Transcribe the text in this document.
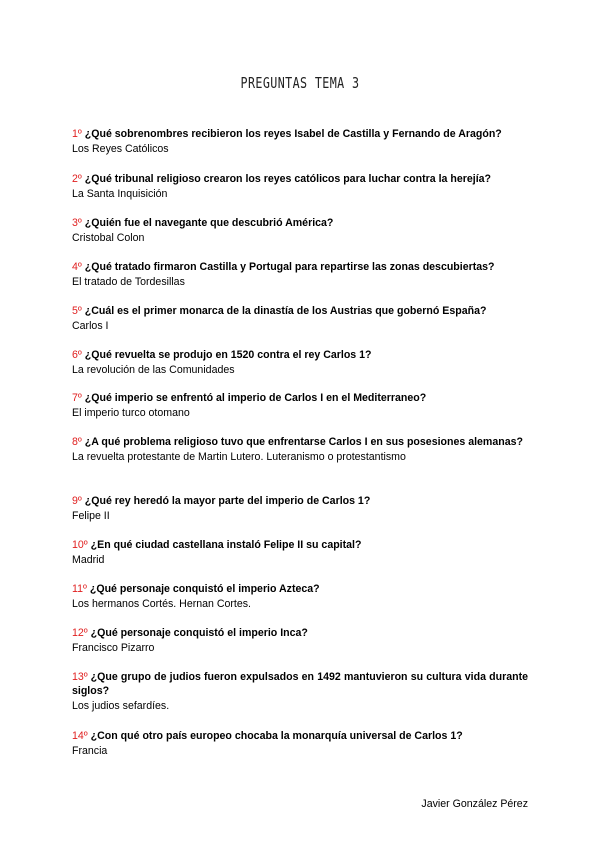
PREGUNTAS TEMA 3
1º ¿Qué sobrenombres recibieron los reyes Isabel de Castilla y Fernando de Aragón?
Los Reyes Católicos
2º ¿Qué tribunal religioso crearon los reyes católicos para luchar contra la herejía?
La Santa Inquisición
3º ¿Quién fue el navegante que descubrió América?
Cristobal Colon
4º ¿Qué tratado firmaron Castilla y Portugal para repartirse las zonas descubiertas?
El tratado de Tordesillas
5º ¿Cuál es el primer monarca de la dinastía de los Austrias que gobernó España?
Carlos I
6º ¿Qué revuelta se produjo en 1520 contra el rey Carlos 1?
La revolución de las Comunidades
7º ¿Qué imperio se enfrentó al imperio de Carlos I en el Mediterraneo?
El imperio turco otomano
8º ¿A qué problema religioso tuvo que enfrentarse Carlos I en sus posesiones alemanas?
La revuelta protestante de Martin Lutero. Luteranismo o protestantismo
9º ¿Qué rey heredó la mayor parte del imperio de Carlos 1?
Felipe II
10º ¿En qué ciudad castellana instaló Felipe II su capital?
Madrid
11º ¿Qué personaje conquistó el imperio Azteca?
Los hermanos Cortés. Hernan Cortes.
12º ¿Qué personaje conquistó el imperio Inca?
Francisco Pizarro
13º ¿Que grupo de judios fueron expulsados en 1492 mantuvieron su cultura vida durante siglos?
Los judios sefardíes.
14º ¿Con qué otro país europeo chocaba la monarquía universal de Carlos 1?
Francia
Javier González Pérez
